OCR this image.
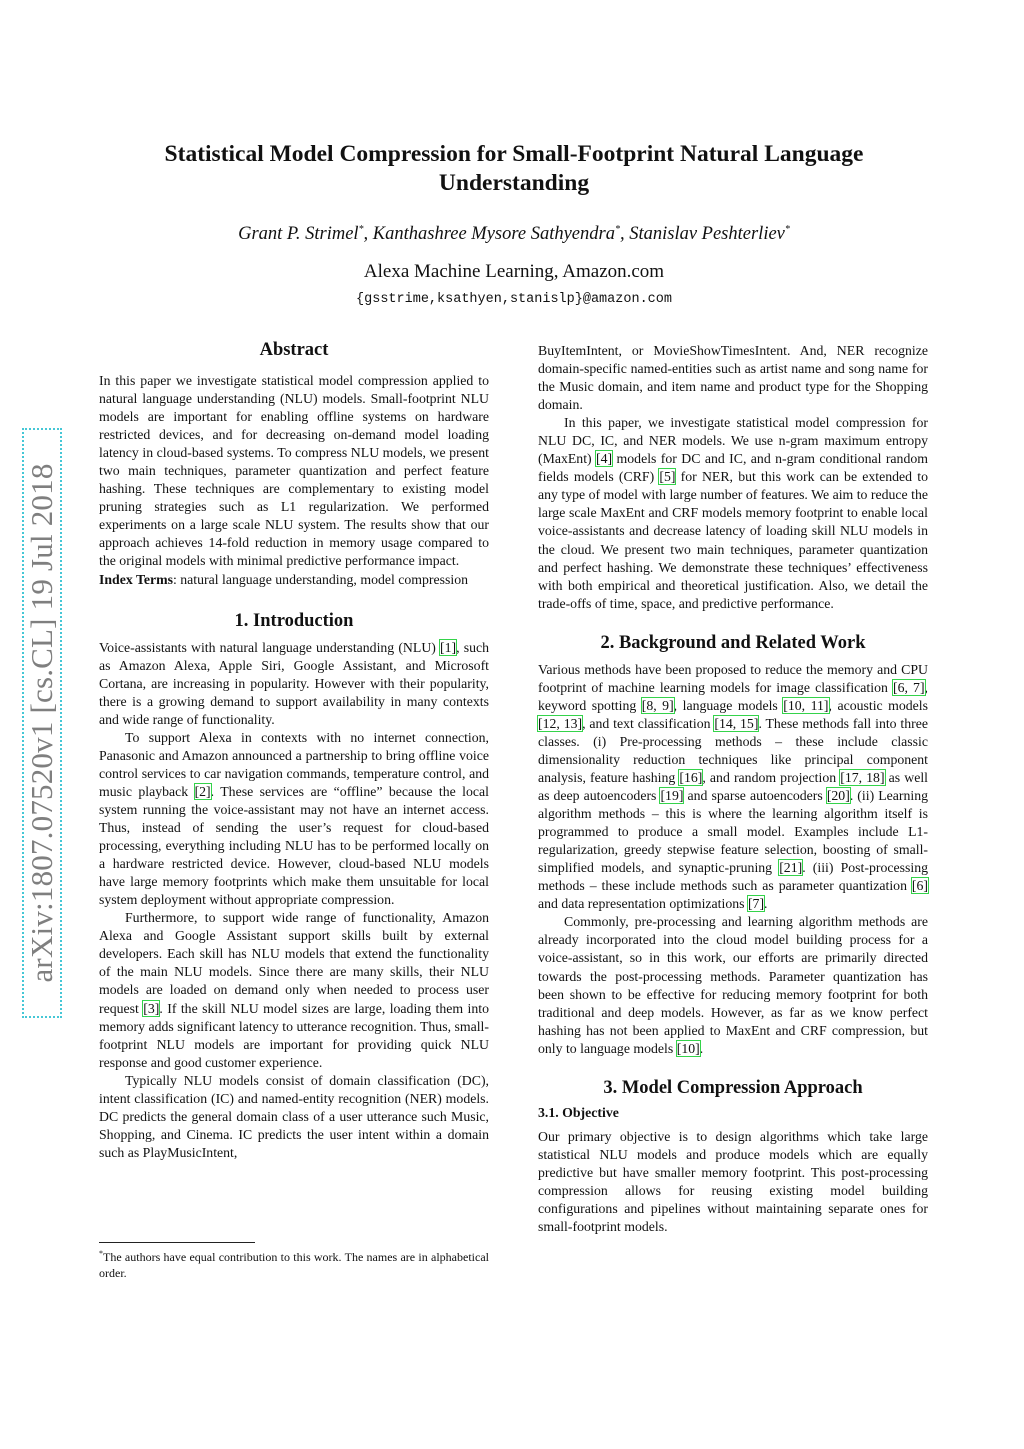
arXiv:1807.07520v1 [cs.CL] 19 Jul 2018
Statistical Model Compression for Small-Footprint Natural Language Understanding
Grant P. Strimel*, Kanthashree Mysore Sathyendra*, Stanislav Peshterliev*
Alexa Machine Learning, Amazon.com
{gsstrime,ksathyen,stanislp}@amazon.com
Abstract

In this paper we investigate statistical model compression applied to natural language understanding (NLU) models. Small-footprint NLU models are important for enabling offline systems on hardware restricted devices, and for decreasing on-demand model loading latency in cloud-based systems. To compress NLU models, we present two main techniques, parameter quantization and perfect feature hashing. These techniques are complementary to existing model pruning strategies such as L1 regularization. We performed experiments on a large scale NLU system. The results show that our approach achieves 14-fold reduction in memory usage compared to the original models with minimal predictive performance impact.

Index Terms: natural language understanding, model compression

1. Introduction

Voice-assistants with natural language understanding (NLU) [1], such as Amazon Alexa, Apple Siri, Google Assistant, and Microsoft Cortana, are increasing in popularity. However with their popularity, there is a growing demand to support availability in many contexts and wide range of functionality.

To support Alexa in contexts with no internet connection, Panasonic and Amazon announced a partnership to bring offline voice control services to car navigation commands, temperature control, and music playback [2]. These services are “offline” because the local system running the voice-assistant may not have an internet access. Thus, instead of sending the user’s request for cloud-based processing, everything including NLU has to be performed locally on a hardware restricted device. However, cloud-based NLU models have large memory footprints which make them unsuitable for local system deployment without appropriate compression.

Furthermore, to support wide range of functionality, Amazon Alexa and Google Assistant support skills built by external developers. Each skill has NLU models that extend the functionality of the main NLU models. Since there are many skills, their NLU models are loaded on demand only when needed to process user request [3]. If the skill NLU model sizes are large, loading them into memory adds significant latency to utterance recognition. Thus, small-footprint NLU models are important for providing quick NLU response and good customer experience.

Typically NLU models consist of domain classification (DC), intent classification (IC) and named-entity recognition (NER) models. DC predicts the general domain class of a user utterance such Music, Shopping, and Cinema. IC predicts the user intent within a domain such as PlayMusicIntent,

*The authors have equal contribution to this work. The names are in alphabetical order.

BuyItemIntent, or MovieShowTimesIntent. And, NER recognize domain-specific named-entities such as artist name and song name for the Music domain, and item name and product type for the Shopping domain.

In this paper, we investigate statistical model compression for NLU DC, IC, and NER models. We use n-gram maximum entropy (MaxEnt) [4] models for DC and IC, and n-gram conditional random fields models (CRF) [5] for NER, but this work can be extended to any type of model with large number of features. We aim to reduce the large scale MaxEnt and CRF models memory footprint to enable local voice-assistants and decrease latency of loading skill NLU models in the cloud. We present two main techniques, parameter quantization and perfect hashing. We demonstrate these techniques’ effectiveness with both empirical and theoretical justification. Also, we detail the trade-offs of time, space, and predictive performance.

2. Background and Related Work

Various methods have been proposed to reduce the memory and CPU footprint of machine learning models for image classification [6, 7], keyword spotting [8, 9], language models [10, 11], acoustic models [12, 13], and text classification [14, 15]. These methods fall into three classes. (i) Pre-processing methods – these include classic dimensionality reduction techniques like principal component analysis, feature hashing [16], and random projection [17, 18] as well as deep autoencoders [19] and sparse autoencoders [20]. (ii) Learning algorithm methods – this is where the learning algorithm itself is programmed to produce a small model. Examples include L1-regularization, greedy stepwise feature selection, boosting of small-simplified models, and synaptic-pruning [21]. (iii) Post-processing methods – these include methods such as parameter quantization [6] and data representation optimizations [7].

Commonly, pre-processing and learning algorithm methods are already incorporated into the cloud model building process for a voice-assistant, so in this work, our efforts are primarily directed towards the post-processing methods. Parameter quantization has been shown to be effective for reducing memory footprint for both traditional and deep models. However, as far as we know perfect hashing has not been applied to MaxEnt and CRF compression, but only to language models [10].

3. Model Compression Approach
3.1. Objective

Our primary objective is to design algorithms which take large statistical NLU models and produce models which are equally predictive but have smaller memory footprint. This post-processing compression allows for reusing existing model building configurations and pipelines without maintaining separate ones for small-footprint models.
